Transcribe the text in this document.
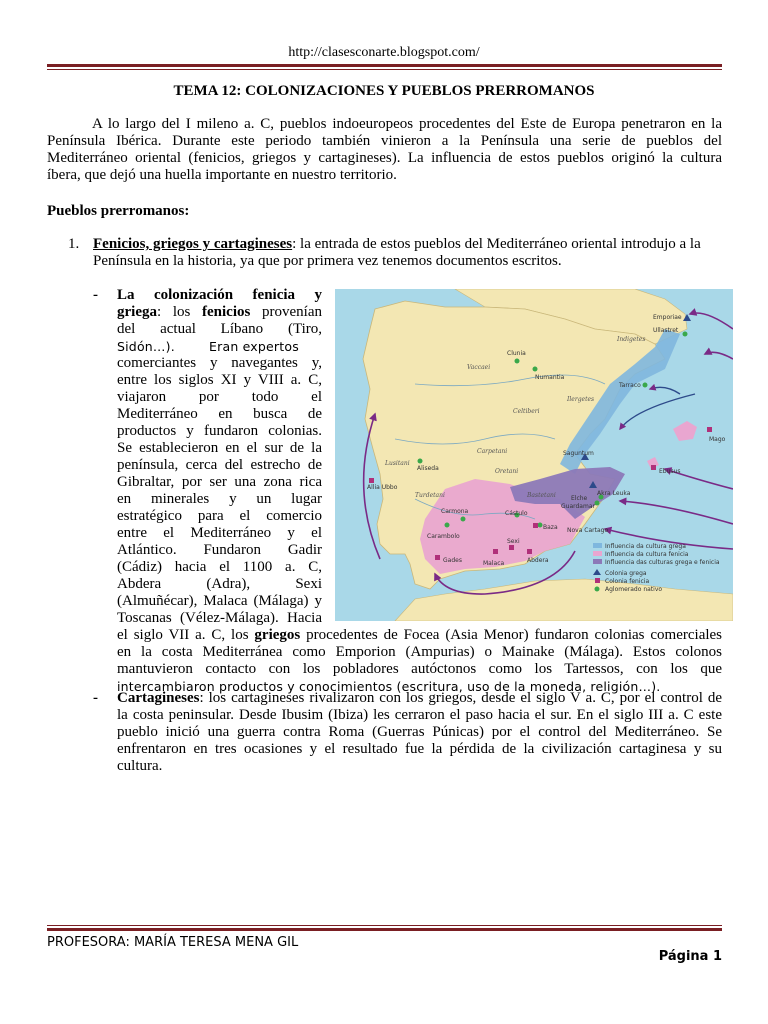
http://clasesconarte.blogspot.com/
TEMA 12: COLONIZACIONES Y PUEBLOS PRERROMANOS
A lo largo del I mileno a. C, pueblos indoeuropeos procedentes del Este de Europa penetraron en la
Península Ibérica. Durante este periodo también vinieron a la Península una serie de pueblos del
Mediterráneo oriental (fenicios, griegos y cartagineses). La influencia de estos pueblos originó la cultura
íbera, que dejó una huella importante en nuestro territorio.
Pueblos prerromanos:
1. Fenicios, griegos y cartagineses: la entrada de estos pueblos del Mediterráneo oriental introdujo a la
Península en la historia, ya que por primera vez tenemos documentos escritos.
- La colonización fenicia y
griega: los fenicios provenían
del actual Líbano (Tiro,
Sidón…). Eran expertos
comerciantes y navegantes y,
entre los siglos XI y VIII a. C,
viajaron por todo el
Mediterráneo en busca de
productos y fundaron colonias.
Se establecieron en el sur de la
península, cerca del estrecho de
Gibraltar, por ser una zona rica
en minerales y un lugar
estratégico para el comercio
entre el Mediterráneo y el
Atlántico. Fundaron Gadir
(Cádiz) hacia el 1100 a. C,
Abdera (Adra), Sexi
(Almuñécar), Malaca (Málaga) y
Toscanas (Vélez-Málaga). Hacia
el siglo VII a. C, los griegos procedentes de Focea (Asia Menor) fundaron colonias comerciales
en la costa Mediterránea como Emporion (Ampurias) o Mainake (Málaga). Estos colonos
mantuvieron contacto con los pobladores autóctonos como los Tartessos, con los que
intercambiaron productos y conocimientos (escritura, uso de la moneda, religión…).
- Cartagineses: los cartagineses rivalizaron con los griegos, desde el siglo V a. C, por el control de
la costa peninsular. Desde Ibusim (Ibiza) les cerraron el paso hacia el sur. En el siglo III a. C este
pueblo inició una guerra contra Roma (Guerras Púnicas) por el control del Mediterráneo. Se
enfrentaron en tres ocasiones y el resultado fue la pérdida de la civilización cartaginesa y su
cultura.
Emporiae
Ullastret
Indigetes
Tarraco
Clunia
Vaccaei
Numantia
Ilergetes
Celtiberi
Carpetani	Saguntum
Lusitani
Aliseda	Oretani	Ebusus
Mago
Akra Leuka
Bastetani	Elche
Guardamar
Turdetani
Carmona	Cástulo
Baza Nova Cartago
Allia Ubbo
Carambolo
Sexi
Abdera
Gades	Malaca
Influencia da cultura grega
Influencia da cultura fenicia
Influencia das culturas grega e fenicia
Colonia grega
Colonia fenicia
Aglomerado nativo
PROFESORA: MARÍA TERESA MENA GIL
Página 1
